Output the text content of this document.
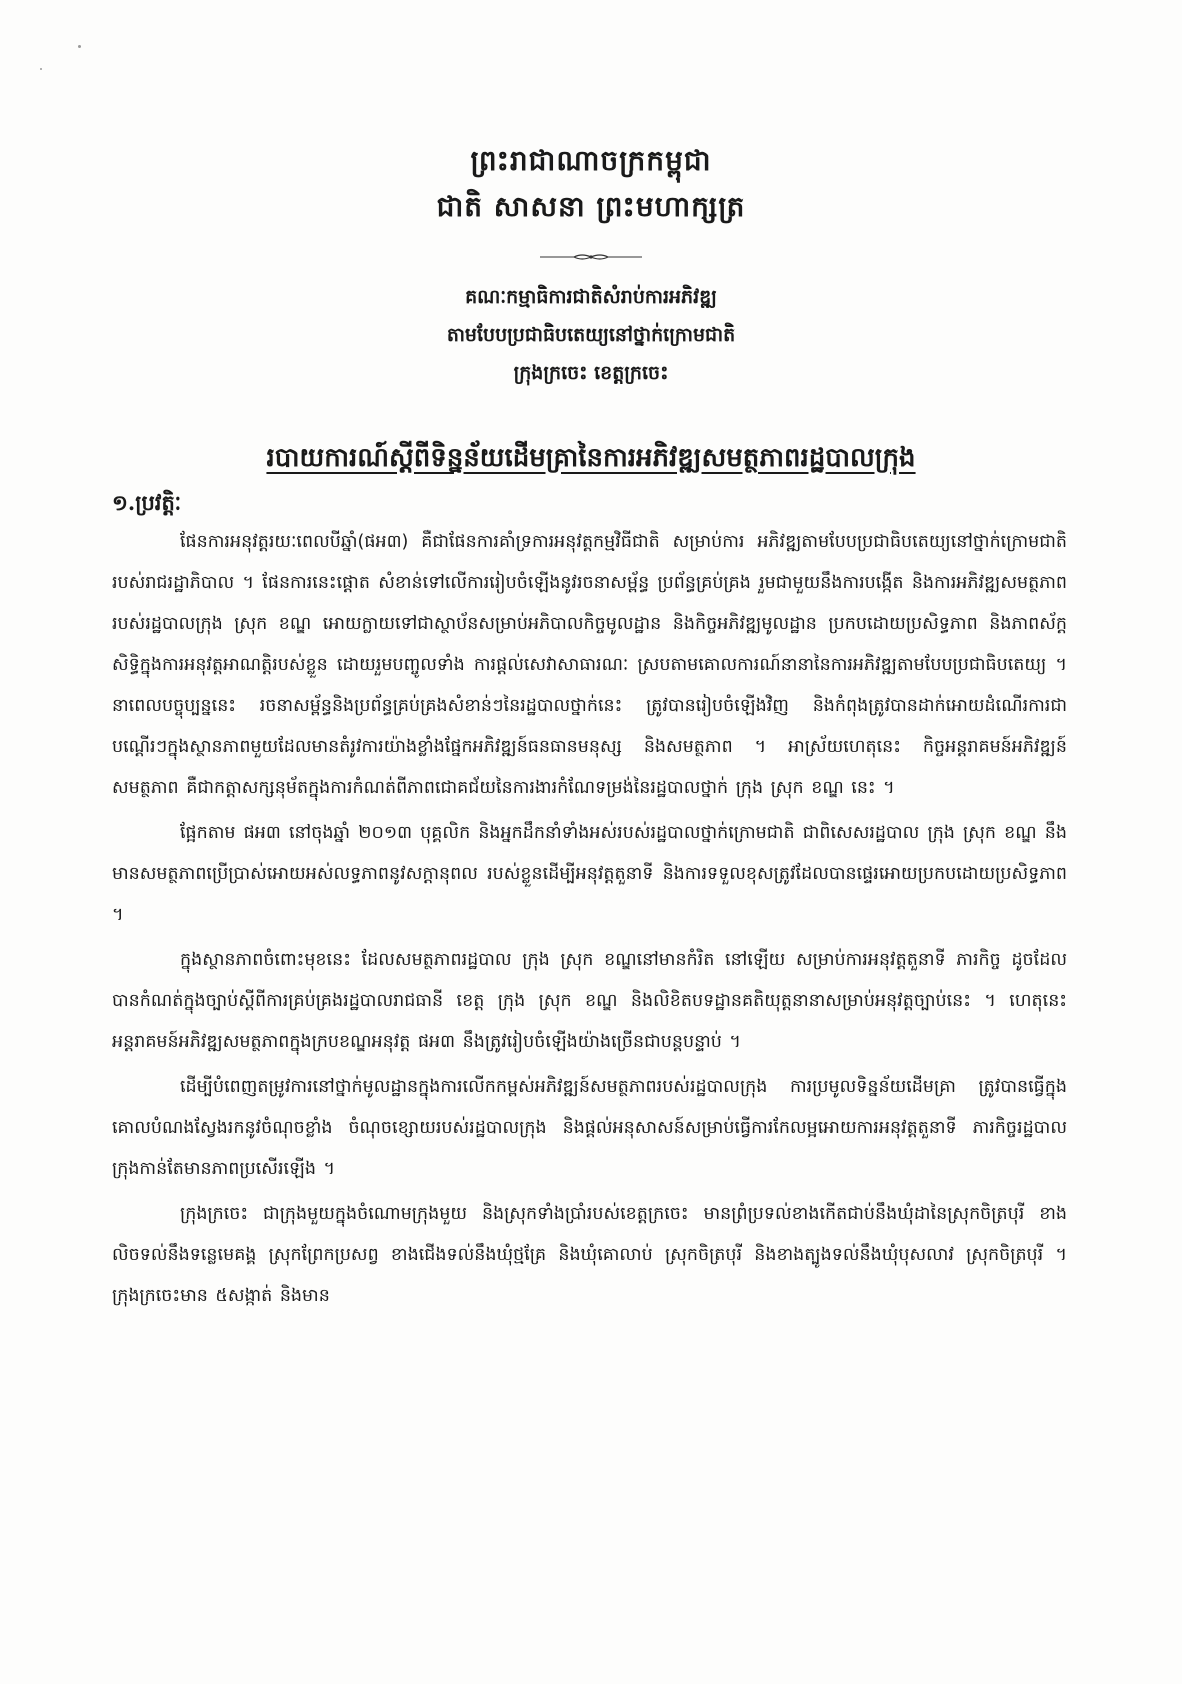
ព្រះរាជាណាចក្រកម្ពុជា
ជាតិ សាសនា ព្រះមហាក្សត្រ
គណៈកម្មាធិការជាតិសំរាប់ការអភិវឌ្ឍ
តាមបែបប្រជាធិបតេយ្យនៅថ្នាក់ក្រោមជាតិ
ក្រុងក្រចេះ ខេត្តក្រចេះ
របាយការណ៍ស្តីពីទិន្នន័យដើមគ្រានៃការអភិវឌ្ឍសមត្ថភាពរដ្ឋបាលក្រុង
១.ប្រវត្តិៈ

ផែនការអនុវត្តរយៈពេលបីឆ្នាំ(ផអ៣) គឺជាផែនការគាំទ្រការអនុវត្តកម្មវិធីជាតិ សម្រាប់ការ អភិវឌ្ឍតាមបែបប្រជាធិបតេយ្យនៅថ្នាក់ក្រោមជាតិរបស់រាជរដ្ឋាភិបាល ។ ផែនការនេះផ្តោត សំខាន់ទៅលើការរៀបចំឡើងនូវរចនាសម្ព័ន្ធ ប្រព័ន្ធគ្រប់គ្រង រួមជាមួយនឹងការបង្កើត និងការអភិវឌ្ឍសមត្ថភាពរបស់រដ្ឋបាលក្រុង ស្រុក ខណ្ឌ អោយក្លាយទៅជាស្ថាប័នសម្រាប់អភិបាលកិច្ចមូលដ្ឋាន និងកិច្ចអភិវឌ្ឍមូលដ្ឋាន ប្រកបដោយប្រសិទ្ធភាព និងភាពស័ក្តសិទ្ធិក្នុងការអនុវត្តអាណត្តិរបស់ខ្លួន ដោយរួមបញ្ចូលទាំង ការផ្តល់សេវាសាធារណៈ ស្របតាមគោលការណ៍នានានៃការអភិវឌ្ឍតាមបែបប្រជាធិបតេយ្យ ។ នាពេលបច្ចុប្បន្ននេះ រចនាសម្ព័ន្ធនិងប្រព័ន្ធគ្រប់គ្រងសំខាន់ៗនៃរដ្ឋបាលថ្នាក់នេះ ត្រូវបានរៀបចំឡើងវិញ និងកំពុងត្រូវបានដាក់អោយដំណើរការជាបណ្តើរៗក្នុងស្ថានភាពមួយដែលមានតំរូវការយ៉ាងខ្លាំងផ្នែកអភិវឌ្ឍន៍ធនធានមនុស្ស និងសមត្ថភាព ។ អាស្រ័យហេតុនេះ កិច្ចអន្តរាគមន៍អភិវឌ្ឍន៍សមត្ថភាព គឺជាកត្តាសក្សនុម័តក្នុងការកំណត់ពីភាពជោគជ័យនៃការងារកំណែទម្រង់នៃរដ្ឋបាលថ្នាក់ ក្រុង ស្រុក ខណ្ឌ នេះ ។

ផ្អែកតាម ផអ៣ នៅចុងឆ្នាំ ២០១៣ បុគ្គលិក និងអ្នកដឹកនាំទាំងអស់របស់រដ្ឋបាលថ្នាក់ក្រោមជាតិ ជាពិសេសរដ្ឋបាល ក្រុង ស្រុក ខណ្ឌ នឹងមានសមត្ថភាពប្រើប្រាស់អោយអស់លទ្ធភាពនូវសក្តានុពល របស់ខ្លួនដើម្បីអនុវត្តតួនាទី និងការទទួលខុសត្រូវដែលបានផ្ទេរអោយប្រកបដោយប្រសិទ្ធភាព ។

ក្នុងស្ថានភាពចំពោះមុខនេះ ដែលសមត្ថភាពរដ្ឋបាល ក្រុង ស្រុក ខណ្ឌនៅមានកំរិត នៅឡើយ សម្រាប់ការអនុវត្តតួនាទី ភារកិច្ច ដូចដែលបានកំណត់ក្នុងច្បាប់ស្តីពីការគ្រប់គ្រងរដ្ឋបាលរាជធានី ខេត្ត ក្រុង ស្រុក ខណ្ឌ និងលិខិតបទដ្ឋានគតិយុត្តនានាសម្រាប់អនុវត្តច្បាប់នេះ ។ ហេតុនេះអន្តរាគមន៍អភិវឌ្ឍសមត្ថភាពក្នុងក្របខណ្ឌអនុវត្ត ផអ៣ នឹងត្រូវរៀបចំឡើងយ៉ាងច្រើនជាបន្តបន្ទាប់ ។

ដើម្បីបំពេញតម្រូវការនៅថ្នាក់មូលដ្ឋានក្នុងការលើកកម្ពស់អភិវឌ្ឍន៍សមត្ថភាពរបស់រដ្ឋបាលក្រុង ការប្រមូលទិន្នន័យដើមគ្រា ត្រូវបានធ្វើក្នុងគោលបំណងស្វែងរកនូវចំណុចខ្លាំង ចំណុចខ្សោយរបស់រដ្ឋបាលក្រុង និងផ្តល់អនុសាសន៍សម្រាប់ធ្វើការកែលម្អអោយការអនុវត្តតួនាទី ភារកិច្ចរដ្ឋបាលក្រុងកាន់តែមានភាពប្រសើរឡើង ។

ក្រុងក្រចេះ ជាក្រុងមួយក្នុងចំណោមក្រុងមួយ និងស្រុកទាំងប្រាំរបស់ខេត្តក្រចេះ មានព្រំប្រទល់ខាងកើតជាប់នឹងឃុំដានៃស្រុកចិត្របុរី ខាងលិចទល់នឹងទន្លេមេគង្គ ស្រុកព្រែកប្រសព្វ ខាងជើងទល់នឹងឃុំថ្មគ្រែ និងឃុំគោលាប់ ស្រុកចិត្របុរី និងខាងត្បូងទល់នឹងឃុំបុសលាវ ស្រុកចិត្របុរី ។ ក្រុងក្រចេះមាន ៥សង្កាត់ និងមាន
